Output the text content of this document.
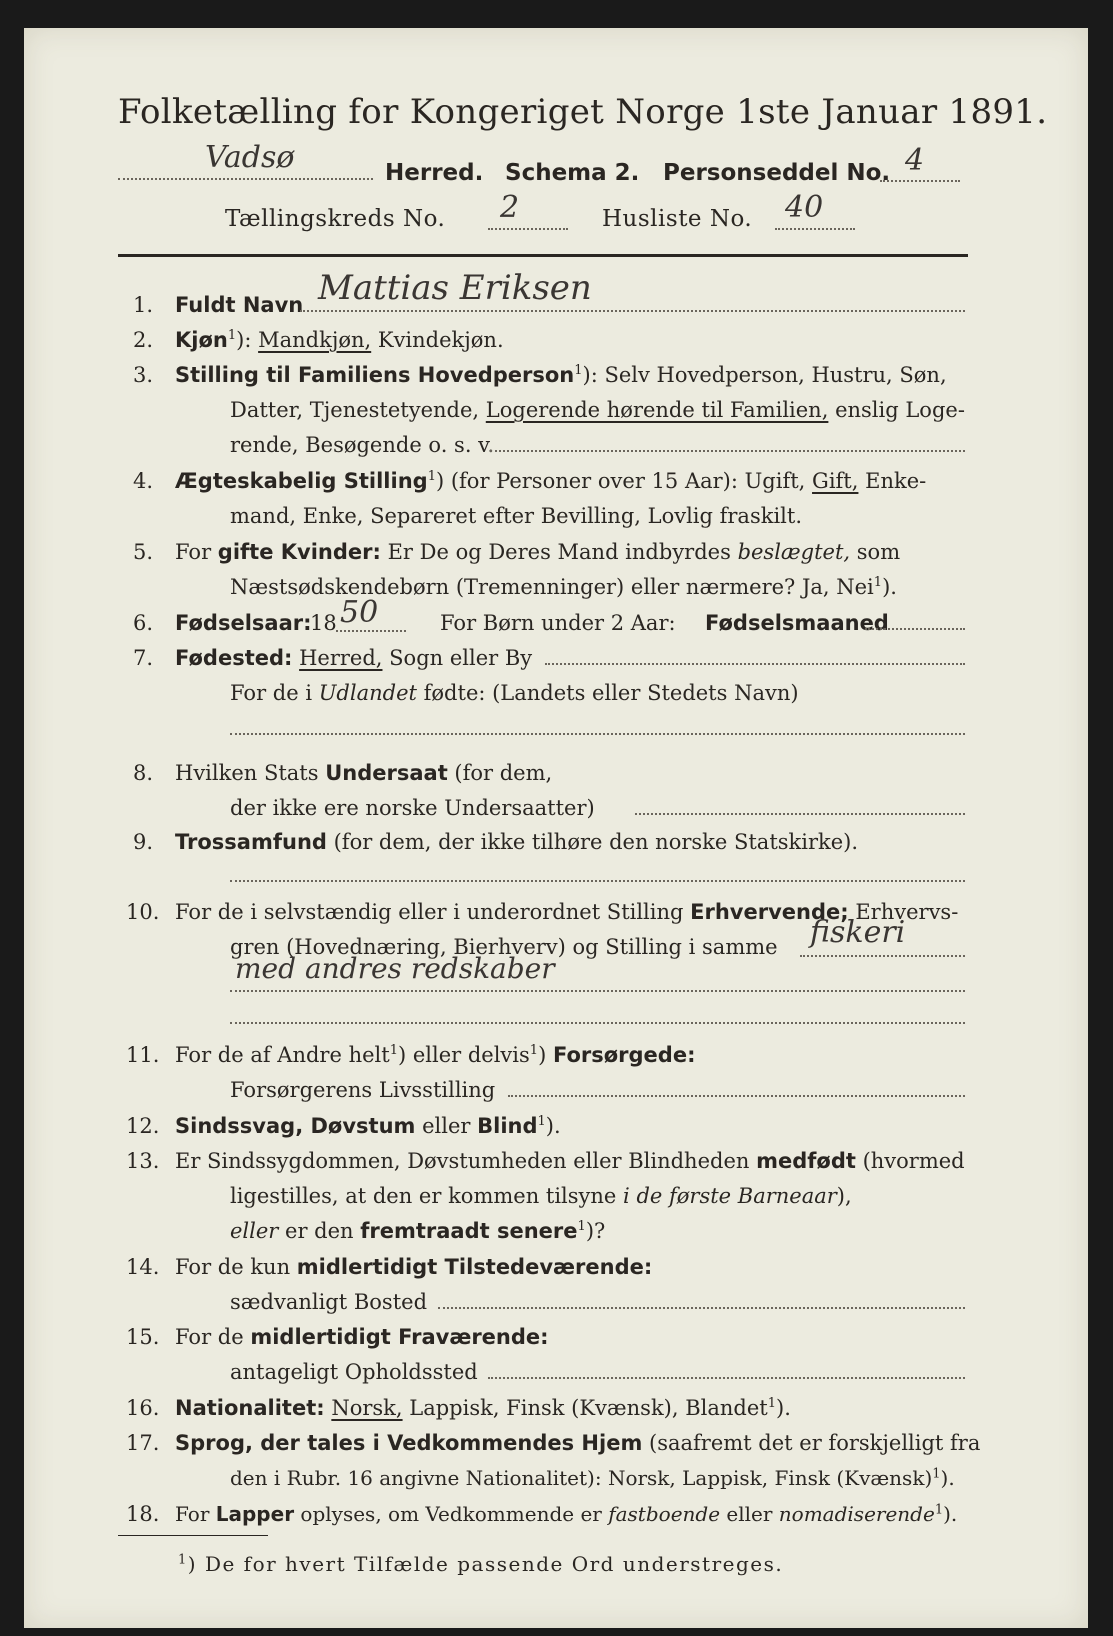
Folketælling for Kongeriget Norge 1ste Januar 1891.
Vadsø	Herred. Schema 2. Personseddel No. 4
Tællingskreds No. 2	Husliste No. 40
1. Fuldt Navn Mattias Eriksen
2. Kjøn$^1$): Mandkjøn, Kvindekjøn.
3. Stilling til Familiens Hovedperson$^1$): Selv Hovedperson, Hustru, Søn,
Datter, Tjenestetyende, Logerende hørende til Familien, enslig Loge-
rende, Besøgende o. s. v.
4. Ægteskabelig Stilling$^1$) (for Personer over 15 Aar): Ugift, Gift, Enke-
mand, Enke, Separeret efter Bevilling, Lovlig fraskilt.
5. For gifte Kvinder: Er De og Deres Mand indbyrdes beslægtet, som
Næstsødskendebørn (Tremenninger) eller nærmere? Ja, Nei$^1$).
6. Fødselsaar:
18 50	For Børn under 2 Aar: Fødselsmaaned
7. Fødested: Herred, Sogn eller By
For de i Udlandet fødte: (Landets eller Stedets Navn)
8. Hvilken Stats Undersaat (for dem,
der ikke ere norske Undersaatter)
9. Trossamfund (for dem, der ikke tilhøre den norske Statskirke).
10. For de i selvstændig eller i underordnet Stilling Erhvervende; Erhvervs-
gren (Hovednæring, Bierhverv) og Stilling i samme fiskeri
med andres redskaber
11. For de af Andre helt$^1$) eller delvis$^1$) Forsørgede:
Forsørgerens Livsstilling
12. Sindssvag, Døvstum eller Blind$^1$).
13. Er Sindssygdommen, Døvstumheden eller Blindheden medfødt (hvormed
ligestilles, at den er kommen tilsyne i de første Barneaar),
eller er den fremtraadt senere$^1$)?
14. For de kun midlertidigt Tilstedeværende:
sædvanligt Bosted
15. For de midlertidigt Fraværende:
antageligt Opholdssted
16. Nationalitet: Norsk, Lappisk, Finsk (Kvænsk), Blandet$^1$).
17. Sprog, der tales i Vedkommendes Hjem (saafremt det er forskjelligt fra
den i Rubr. 16 angivne Nationalitet): Norsk, Lappisk, Finsk (Kvænsk)$^1$).
18. For Lapper oplyses, om Vedkommende er fastboende eller nomadiserende$^1$).
$^1$) De for hvert Tilfælde passende Ord understreges.
